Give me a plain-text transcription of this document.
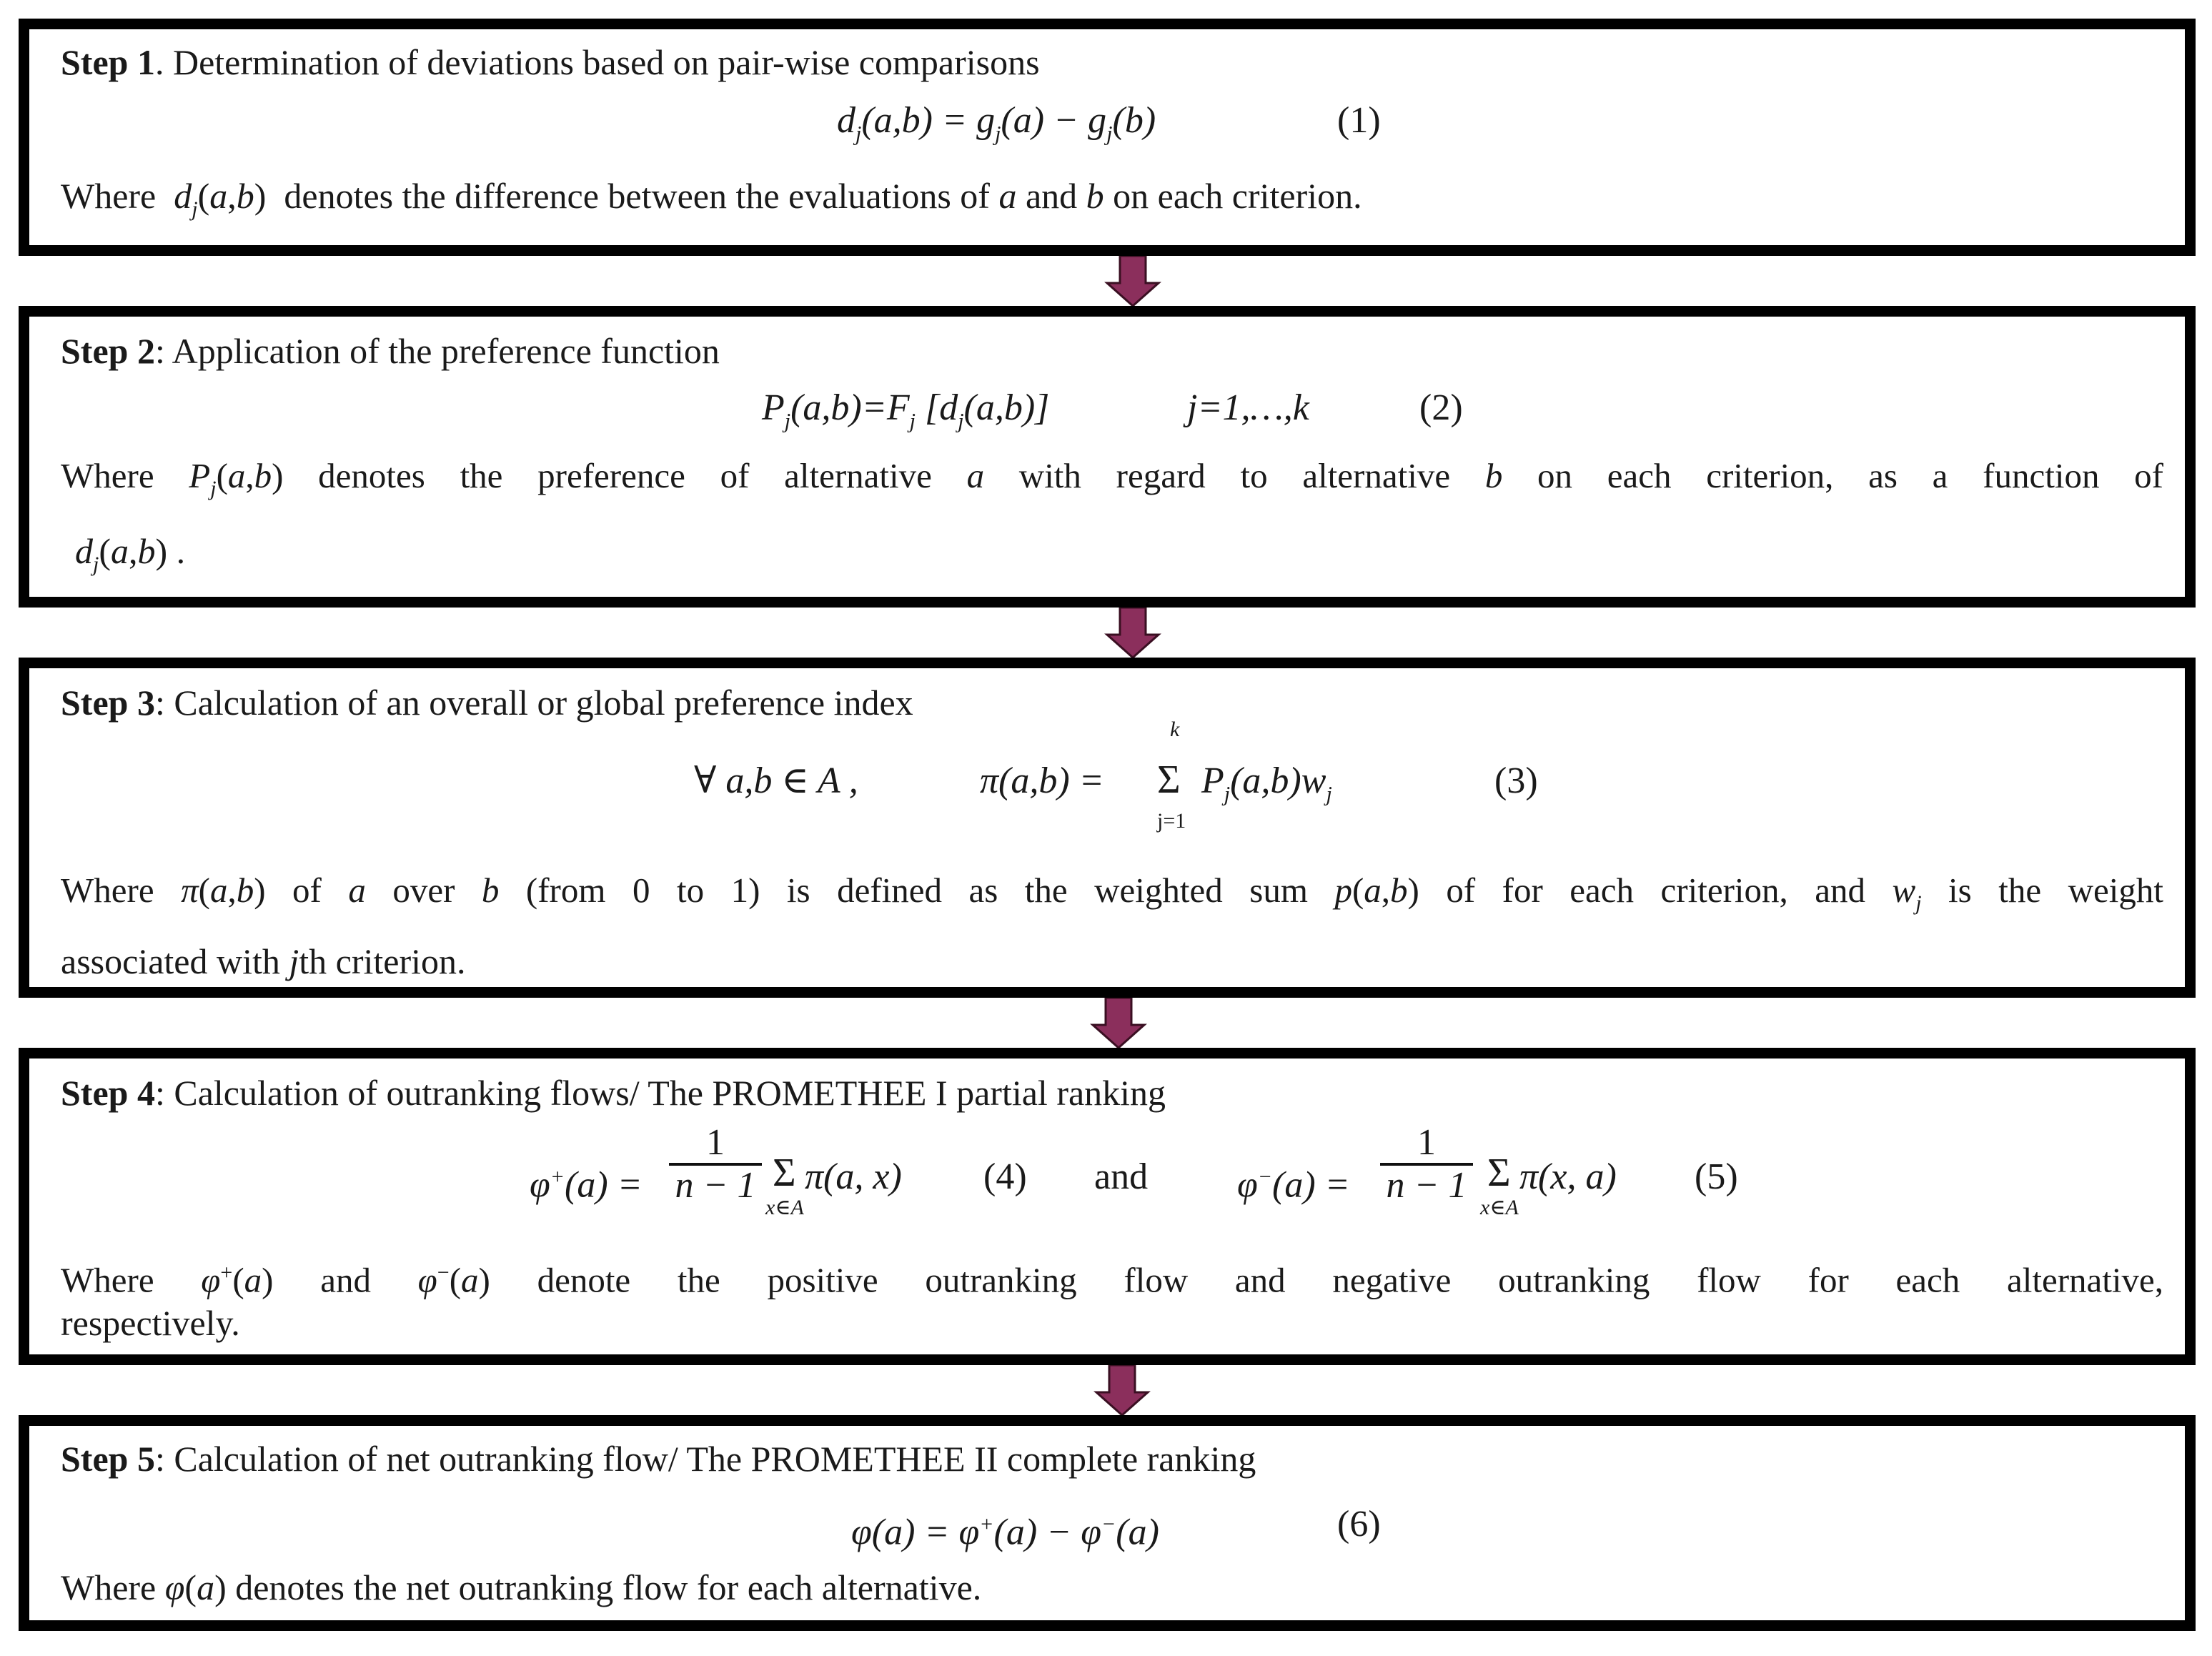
Step 1. Determination of deviations based on pair-wise comparisons
$d_j(a,b) = g_j(a) - g_j(b)$	(1)
Where  $d_j(a,b)$  denotes the difference between the evaluations of a and b on each criterion.
Step 2: Application of the preference function
$P_j(a,b)=F_j$ $[d_j(a,b)]$	j=1,…,k	(2)
Where $P_j(a,b)$ denotes the preference of alternative a with regard to alternative b on each criterion, as a function of
$d_j(a,b)$ .
Step 3: Calculation of an overall or global preference index
∀ a,b ∈ A ,	π(a,b) =
k
Σ
j=1
$P_j(a,b)w_j$	(3)
Where π(a,b) of a over b (from 0 to 1) is defined as the weighted sum p(a,b) of for each criterion, and $w_j$ is the weight
associated with jth criterion.
Step 4: Calculation of outranking flows/ The PROMETHEE I partial ranking
$\varphi^+(a) = \frac{1}{n - 1}$ Σ
x∈A
π(a, x) (4) and $\varphi^-(a) = \frac{1}{n - 1}$ Σ
x∈A
π(x, a) (5)
Where φ+(a) and φ−(a) denote the positive outranking flow and negative outranking flow for each alternative,
respectively.
Step 5: Calculation of net outranking flow/ The PROMETHEE II complete ranking
φ(a) = φ+(a) − φ−(a)	(6)
Where φ(a) denotes the net outranking flow for each alternative.
